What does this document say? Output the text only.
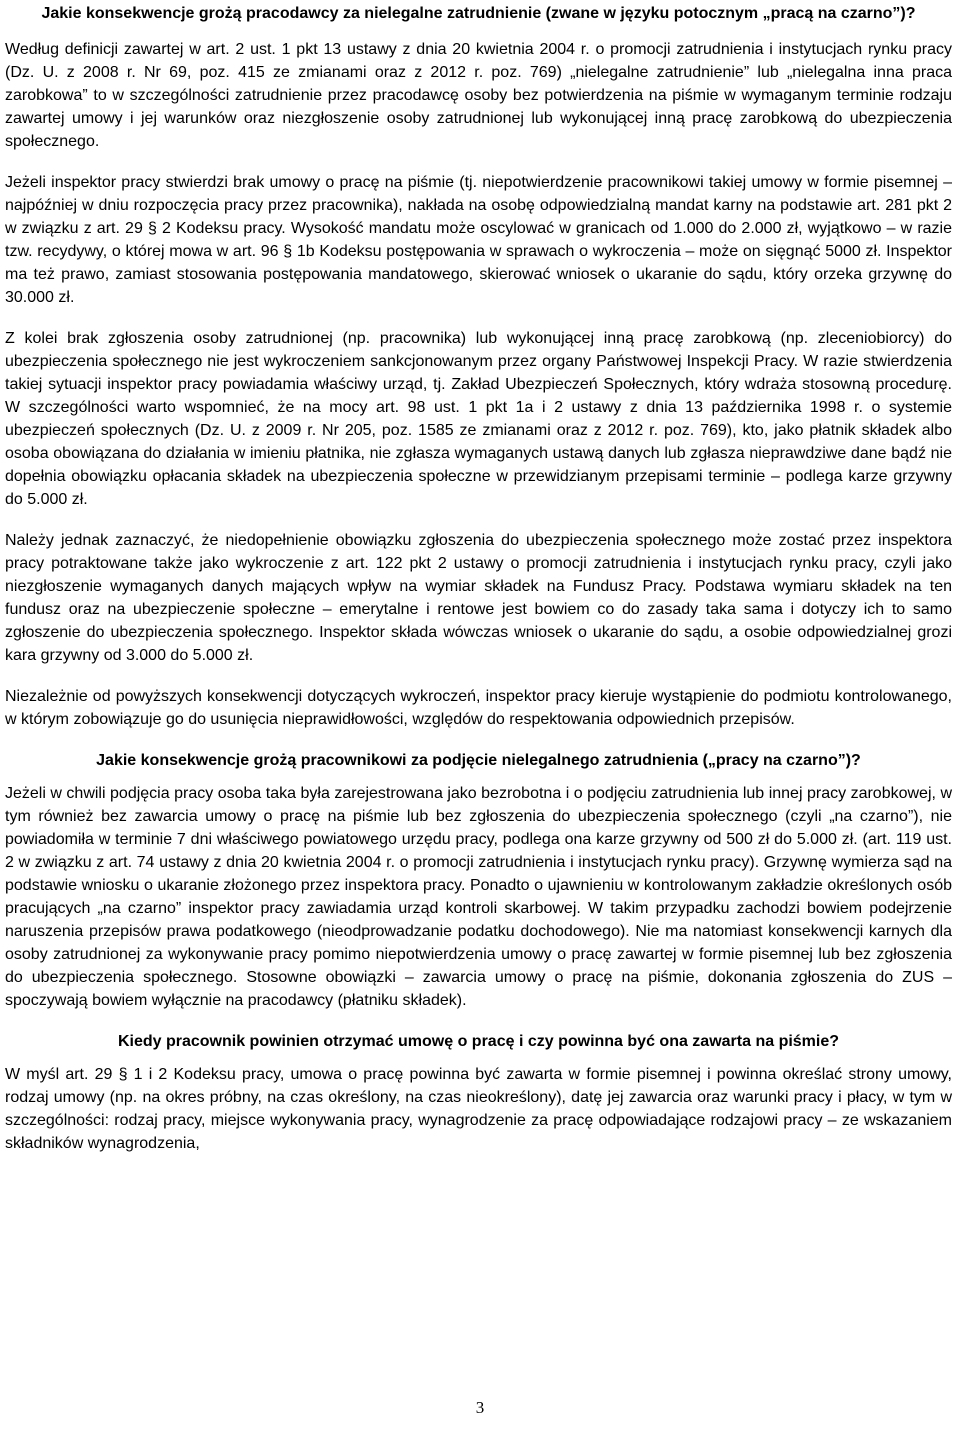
Jakie konsekwencje grożą pracodawcy za nielegalne zatrudnienie (zwane w języku potocznym „pracą na czarno”)?

Według definicji zawartej w art. 2 ust. 1 pkt 13 ustawy z dnia 20 kwietnia 2004 r. o promocji zatrudnienia i instytucjach rynku pracy (Dz. U. z 2008 r. Nr 69, poz. 415 ze zmianami oraz z 2012 r. poz. 769) „nielegalne zatrudnienie” lub „nielegalna inna praca zarobkowa” to w szczególności zatrudnienie przez pracodawcę osoby bez potwierdzenia na piśmie w wymaganym terminie rodzaju zawartej umowy i jej warunków oraz niezgłoszenie osoby zatrudnionej lub wykonującej inną pracę zarobkową do ubezpieczenia społecznego.

Jeżeli inspektor pracy stwierdzi brak umowy o pracę na piśmie (tj. niepotwierdzenie pracownikowi takiej umowy w formie pisemnej – najpóźniej w dniu rozpoczęcia pracy przez pracownika), nakłada na osobę odpowiedzialną mandat karny na podstawie art. 281 pkt 2 w związku z art. 29 § 2 Kodeksu pracy. Wysokość mandatu może oscylować w granicach od 1.000 do 2.000 zł, wyjątkowo – w razie tzw. recydywy, o której mowa w art. 96 § 1b Kodeksu postępowania w sprawach o wykroczenia – może on sięgnąć 5000 zł. Inspektor ma też prawo, zamiast stosowania postępowania mandatowego, skierować wniosek o ukaranie do sądu, który orzeka grzywnę do 30.000 zł.

Z kolei brak zgłoszenia osoby zatrudnionej (np. pracownika) lub wykonującej inną pracę zarobkową (np. zleceniobiorcy) do ubezpieczenia społecznego nie jest wykroczeniem sankcjonowanym przez organy Państwowej Inspekcji Pracy. W razie stwierdzenia takiej sytuacji inspektor pracy powiadamia właściwy urząd, tj. Zakład Ubezpieczeń Społecznych, który wdraża stosowną procedurę. W szczególności warto wspomnieć, że na mocy art. 98 ust. 1 pkt 1a i 2 ustawy z dnia 13 października 1998 r. o systemie ubezpieczeń społecznych (Dz. U. z 2009 r. Nr 205, poz. 1585 ze zmianami oraz z 2012 r. poz. 769), kto, jako płatnik składek albo osoba obowiązana do działania w imieniu płatnika, nie zgłasza wymaganych ustawą danych lub zgłasza nieprawdziwe dane bądź nie dopełnia obowiązku opłacania składek na ubezpieczenia społeczne w przewidzianym przepisami terminie – podlega karze grzywny do 5.000 zł.

Należy jednak zaznaczyć, że niedopełnienie obowiązku zgłoszenia do ubezpieczenia społecznego może zostać przez inspektora pracy potraktowane także jako wykroczenie z art. 122 pkt 2 ustawy o promocji zatrudnienia i instytucjach rynku pracy, czyli jako niezgłoszenie wymaganych danych mających wpływ na wymiar składek na Fundusz Pracy. Podstawa wymiaru składek na ten fundusz oraz na ubezpieczenie społeczne – emerytalne i rentowe jest bowiem co do zasady taka sama i dotyczy ich to samo zgłoszenie do ubezpieczenia społecznego. Inspektor składa wówczas wniosek o ukaranie do sądu, a osobie odpowiedzialnej grozi kara grzywny od 3.000 do 5.000 zł.

Niezależnie od powyższych konsekwencji dotyczących wykroczeń, inspektor pracy kieruje wystąpienie do podmiotu kontrolowanego, w którym zobowiązuje go do usunięcia nieprawidłowości, względów do respektowania odpowiednich przepisów.

Jakie konsekwencje grożą pracownikowi za podjęcie nielegalnego zatrudnienia („pracy na czarno”)?

Jeżeli w chwili podjęcia pracy osoba taka była zarejestrowana jako bezrobotna i o podjęciu zatrudnienia lub innej pracy zarobkowej, w tym również bez zawarcia umowy o pracę na piśmie lub bez zgłoszenia do ubezpieczenia społecznego (czyli „na czarno”), nie powiadomiła w terminie 7 dni właściwego powiatowego urzędu pracy, podlega ona karze grzywny od 500 zł do 5.000 zł. (art. 119 ust. 2 w związku z art. 74 ustawy z dnia 20 kwietnia 2004 r. o promocji zatrudnienia i instytucjach rynku pracy). Grzywnę wymierza sąd na podstawie wniosku o ukaranie złożonego przez inspektora pracy. Ponadto o ujawnieniu w kontrolowanym zakładzie określonych osób pracujących „na czarno” inspektor pracy zawiadamia urząd kontroli skarbowej. W takim przypadku zachodzi bowiem podejrzenie naruszenia przepisów prawa podatkowego (nieodprowadzanie podatku dochodowego). Nie ma natomiast konsekwencji karnych dla osoby zatrudnionej za wykonywanie pracy pomimo niepotwierdzenia umowy o pracę zawartej w formie pisemnej lub bez zgłoszenia do ubezpieczenia społecznego. Stosowne obowiązki – zawarcia umowy o pracę na piśmie, dokonania zgłoszenia do ZUS – spoczywają bowiem wyłącznie na pracodawcy (płatniku składek).

Kiedy pracownik powinien otrzymać umowę o pracę i czy powinna być ona zawarta na piśmie?

W myśl art. 29 § 1 i 2 Kodeksu pracy, umowa o pracę powinna być zawarta w formie pisemnej i powinna określać strony umowy, rodzaj umowy (np. na okres próbny, na czas określony, na czas nieokreślony), datę jej zawarcia oraz warunki pracy i płacy, w tym w szczególności: rodzaj pracy, miejsce wykonywania pracy, wynagrodzenie za pracę odpowiadające rodzajowi pracy – ze wskazaniem składników wynagrodzenia,

3
